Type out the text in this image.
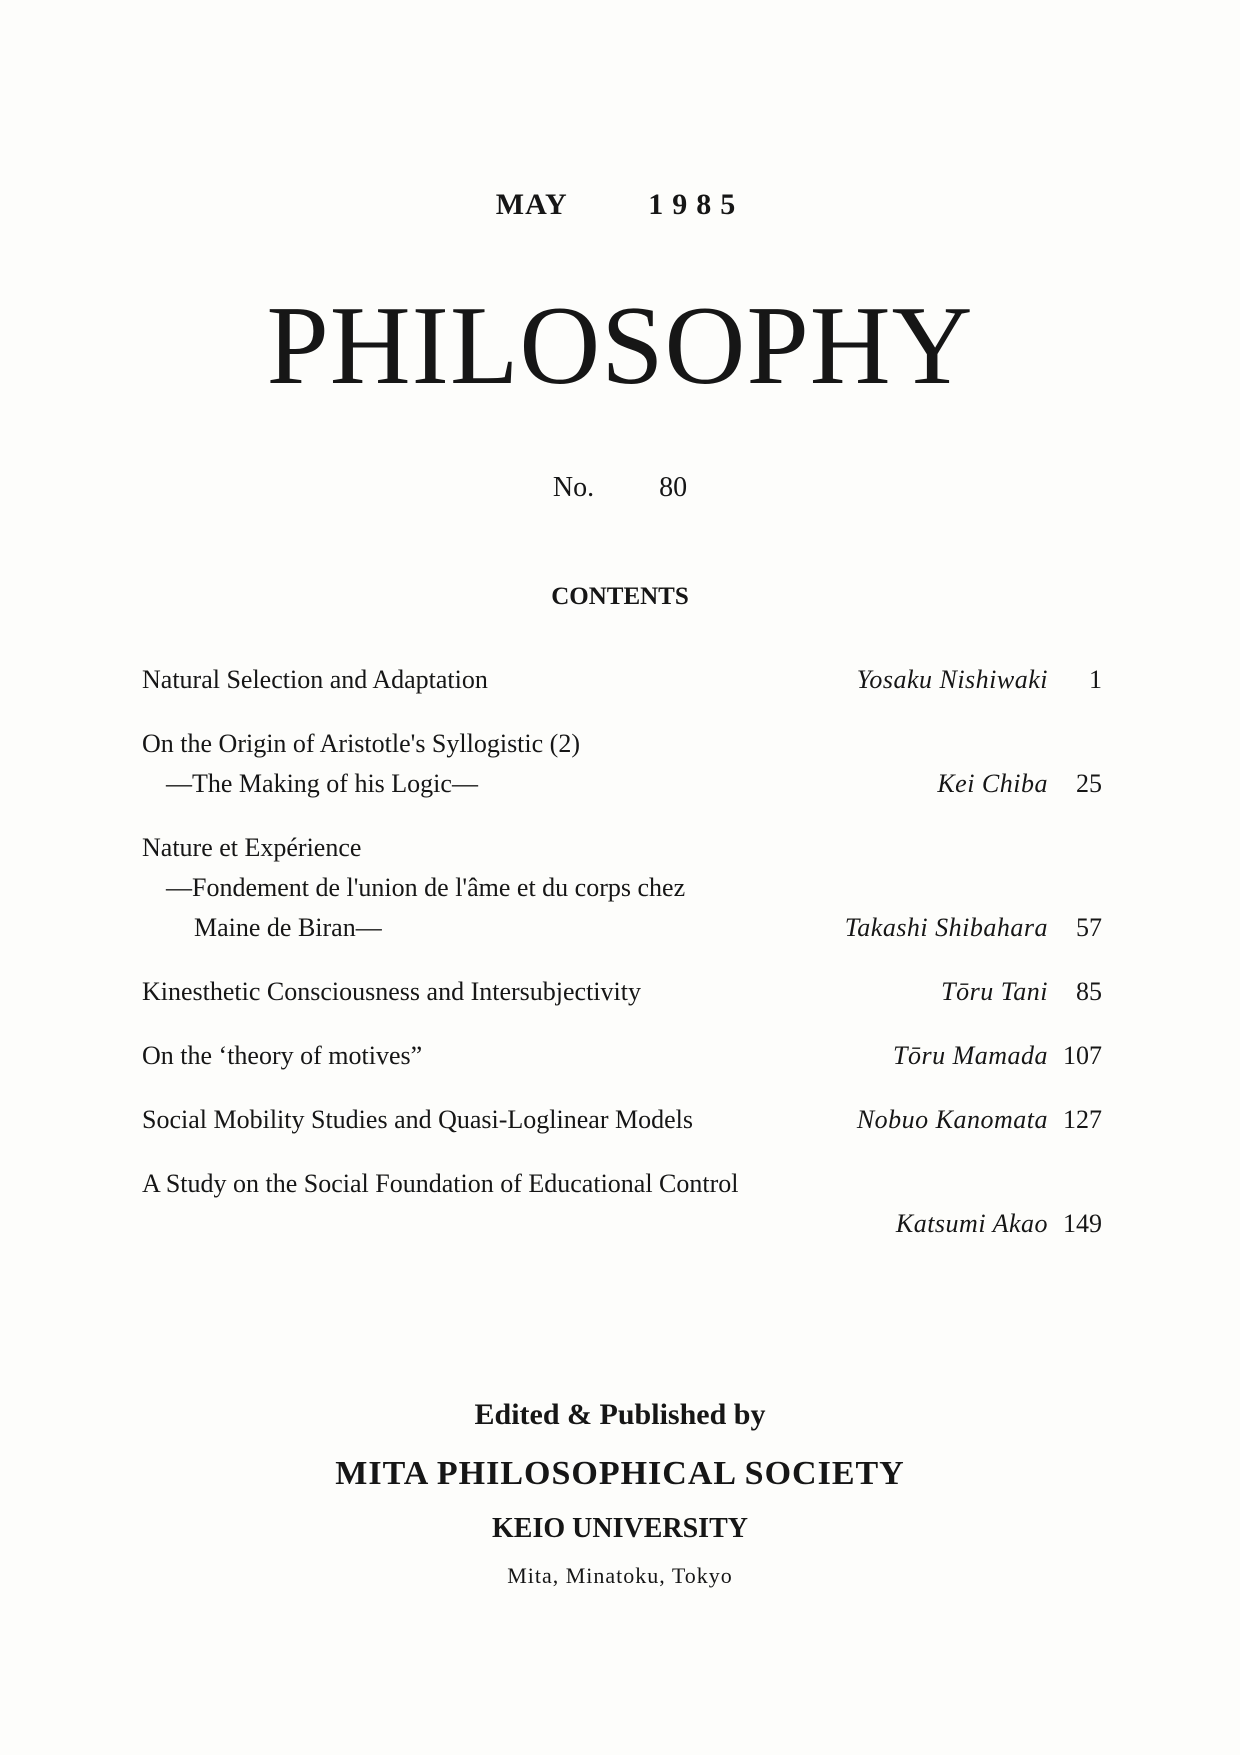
MAY	1985
PHILOSOPHY
No. 80
CONTENTS
Natural Selection and Adaptation	Yosaku Nishiwaki	1
On the Origin of Aristotle's Syllogistic (2)
—The Making of his Logic—	Kei Chiba	25
Nature et Expérience
—Fondement de l'union de l'âme et du corps chez
Maine de Biran—	Takashi Shibahara	57
Kinesthetic Consciousness and Intersubjectivity	Tōru Tani	85
On the ‘theory of motives”	Tōru Mamada 107
Social Mobility Studies and Quasi-Loglinear Models	Nobuo Kanomata 127
A Study on the Social Foundation of Educational Control
Katsumi Akao 149
Edited & Published by
MITA PHILOSOPHICAL SOCIETY
KEIO UNIVERSITY
Mita, Minatoku, Tokyo
